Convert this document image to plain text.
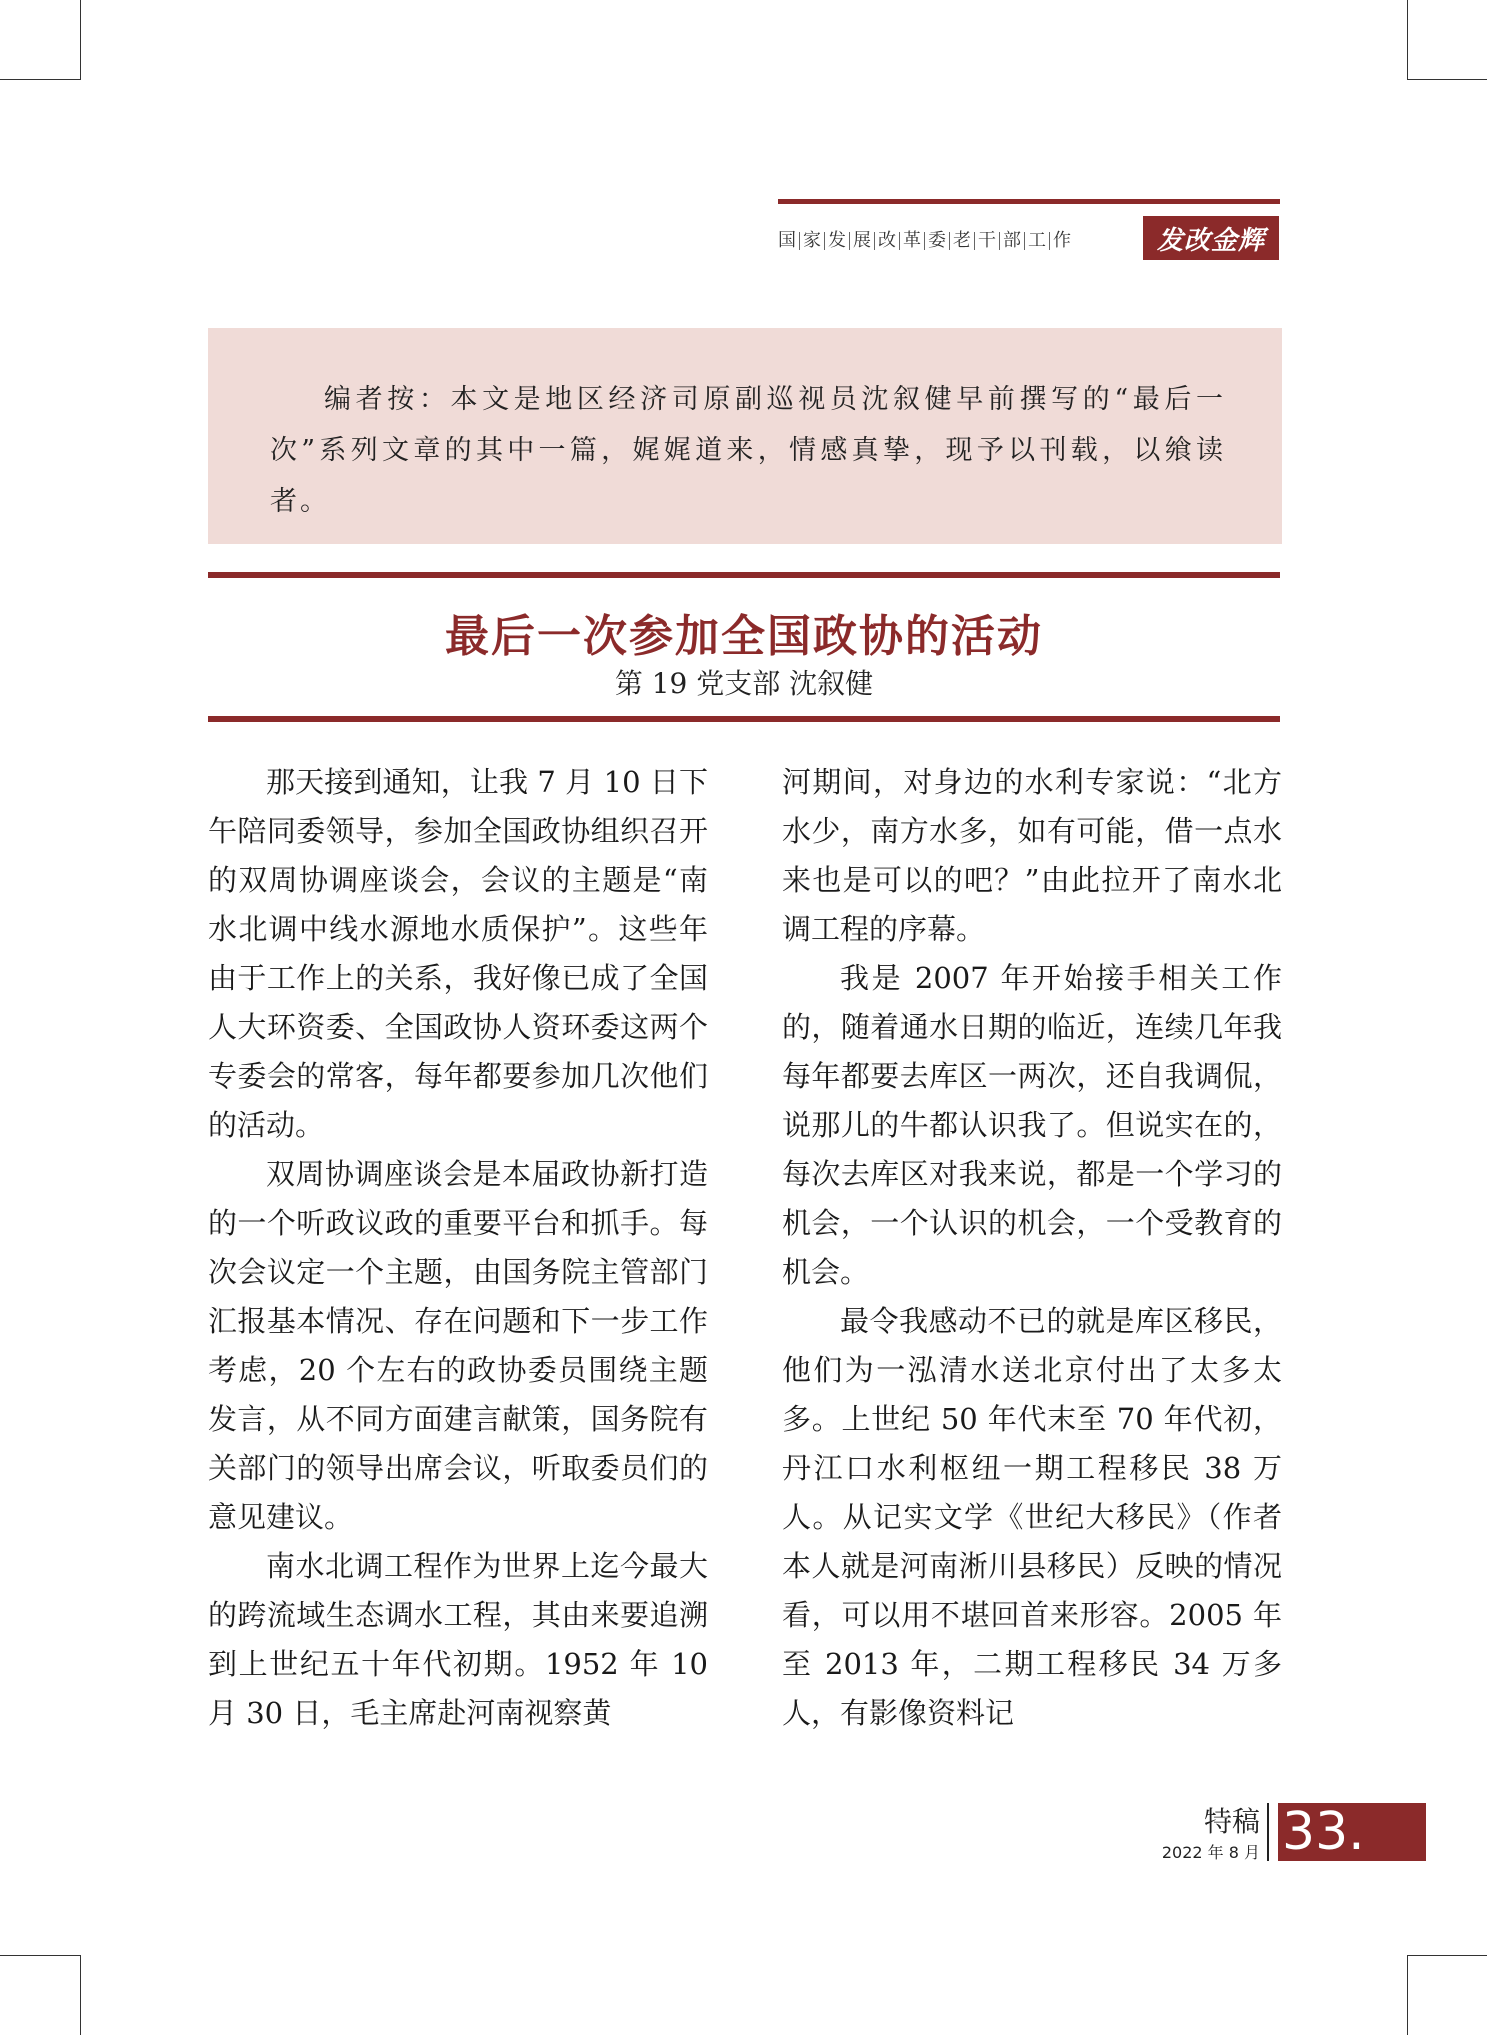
国 家 发 展 改 革 委 老 干 部 工 作	发改金辉

编者按：本文是地区经济司原副巡视员沈叙健早前撰写的“最后一次”系列文章的其中一篇，娓娓道来，情感真挚，现予以刊载，以飨读者。

最后一次参加全国政协的活动
第 19 党支部 沈叙健

那天接到通知，让我 7 月 10 日下午陪同委领导，参加全国政协组织召开的双周协调座谈会，会议的主题是“南水北调中线水源地水质保护”。这些年由于工作上的关系，我好像已成了全国人大环资委、全国政协人资环委这两个专委会的常客，每年都要参加几次他们的活动。

双周协调座谈会是本届政协新打造的一个听政议政的重要平台和抓手。每次会议定一个主题，由国务院主管部门汇报基本情况、存在问题和下一步工作考虑，20 个左右的政协委员围绕主题发言，从不同方面建言献策，国务院有关部门的领导出席会议，听取委员们的意见建议。

南水北调工程作为世界上迄今最大的跨流域生态调水工程，其由来要追溯到上世纪五十年代初期。1952 年 10 月 30 日，毛主席赴河南视察黄

河期间，对身边的水利专家说：“北方水少，南方水多，如有可能，借一点水来也是可以的吧？”由此拉开了南水北调工程的序幕。

我是 2007 年开始接手相关工作的，随着通水日期的临近，连续几年我每年都要去库区一两次，还自我调侃，说那儿的牛都认识我了。但说实在的，每次去库区对我来说，都是一个学习的机会，一个认识的机会，一个受教育的机会。

最令我感动不已的就是库区移民，他们为一泓清水送北京付出了太多太多。上世纪 50 年代末至 70 年代初，丹江口水利枢纽一期工程移民 38 万人。从记实文学《世纪大移民》（作者本人就是河南淅川县移民）反映的情况看，可以用不堪回首来形容。2005 年至 2013 年，二期工程移民 34 万多人，有影像资料记

特稿
2022 年 8 月 33.
